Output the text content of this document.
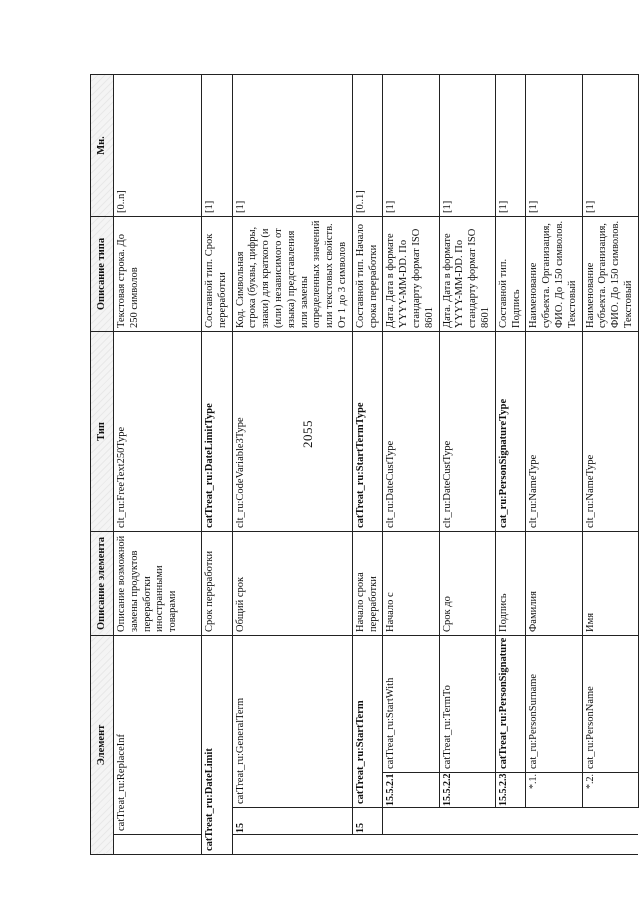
2055
Элемент				Описание элемента	Тип	Описание типа	Мн.
	catTreat_ru:ReplaceInf			Описание возможной замены продуктов переработки иностранными товарами	clt_ru:FreeText250Type	Текстовая строка. До 250 символов	[0..n]
catTreat_ru:DateLimit				Срок переработки	catTreat_ru:DateLimitType	Составной тип. Срок переработки	[1]
	15	catTreat_ru:GeneralTerm		Общий срок	clt_ru:CodeVariable3Type	Код. Символьная строка (буквы, цифры, знаки) для краткого (и (или) независимого от языка) представления или замены определенных значений или текстовых свойств. От 1 до 3 символов	[1]
	15	catTreat_ru:StartTerm		Начало срока переработки	catTreat_ru:StartTermType	Составной тип. Начало срока переработки	[0..1]
		15.5.2.1	catTreat_ru:StartWith	Начало с	clt_ru:DateCustType	Дата. Дата в формате YYYY-MM-DD. По стандарту формат ISO 8601	[1]
		15.5.2.2	catTreat_ru:TermTo	Срок до	clt_ru:DateCustType	Дата. Дата в формате YYYY-MM-DD. По стандарту формат ISO 8601	[1]
		15.5.2.3	catTreat_ru:PersonSignature	Подпись	cat_ru:PersonSignatureType	Составной тип. Подпись	[1]
		*.1.	cat_ru:PersonSurname	Фамилия	clt_ru:NameType	Наименование субъекта. Организация, ФИО. До 150 символов. Текстовый	[1]
		*.2.	cat_ru:PersonName	Имя	clt_ru:NameType	Наименование субъекта. Организация, ФИО. До 150 символов. Текстовый	[1]
